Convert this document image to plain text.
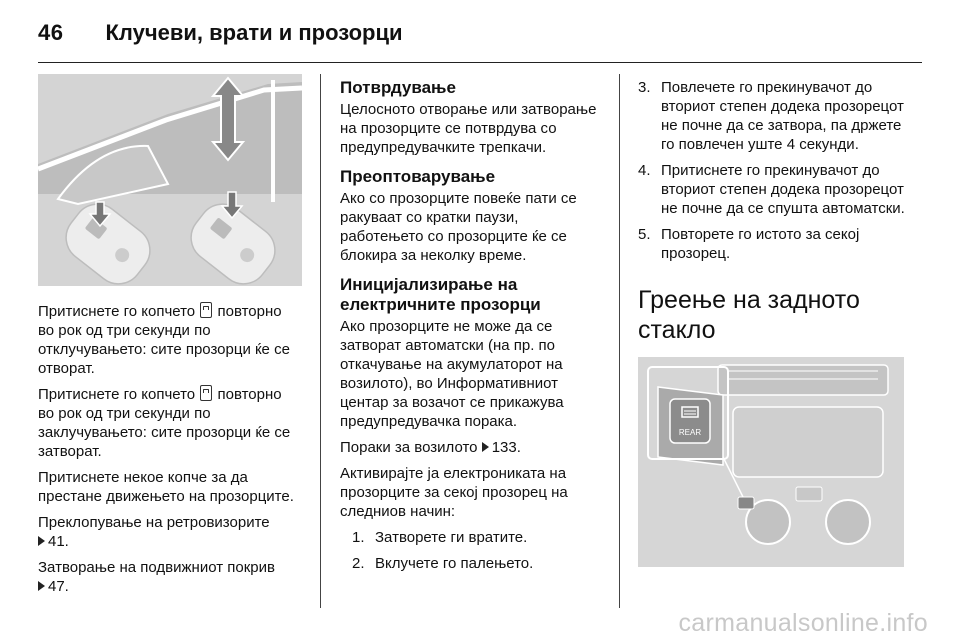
46 Клучеви, врати и прозорци

Притиснете го копчето  повторно во рок од три секунди по отклучувањето: сите прозорци ќе се отворат.

Притиснете го копчето  повторно во рок од три секунди по заклучувањето: сите прозорци ќе се затворат.

Притиснете некое копче за да престане движењето на прозорците.

Преклопување на ретровизорите
41.

Затворање на подвижниот покрив
47.

Потврдување

Целосното отворање или затворање на прозорците се потврдува со предупредувачките трепкачи.

Преоптоварување

Ако со прозорците повеќе пати се ракуваат со кратки паузи, работењето со прозорците ќе се блокира за неколку време.

Иницијализирање на електричните прозорци

Ако прозорците не може да се затворат автоматски (на пр. по откачување на акумулаторот на возилото), во Информативниот центар за возачот се прикажува предупредувачка порака.

Пораки за возилото 133.

Активирајте ја електрониката на прозорците за секој прозорец на следниов начин:

1. Затворете ги вратите.
2. Вклучете го палењето.
3. Повлечете го прекинувачот до вториот степен додека прозорецот не почне да се затвора, па држете го повлечен уште 4 секунди.
4. Притиснете го прекинувачот до вториот степен додека прозорецот не почне да се спушта автоматски.
5. Повторете го истото за секој прозорец.
Греење на задното стакло
REAR
carmanualsonline.info
